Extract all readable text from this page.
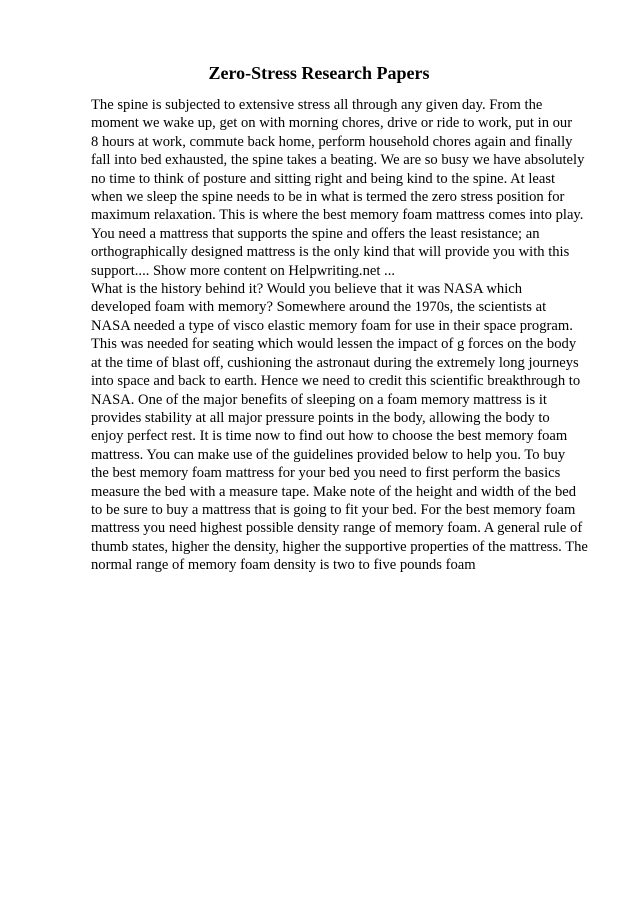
Zero-Stress Research Papers
The spine is subjected to extensive stress all through any given day. From the
moment we wake up, get on with morning chores, drive or ride to work, put in our
8 hours at work, commute back home, perform household chores again and finally
fall into bed exhausted, the spine takes a beating. We are so busy we have absolutely
no time to think of posture and sitting right and being kind to the spine. At least
when we sleep the spine needs to be in what is termed the zero stress position for
maximum relaxation. This is where the best memory foam mattress comes into play.
You need a mattress that supports the spine and offers the least resistance; an
orthographically designed mattress is the only kind that will provide you with this
support.... Show more content on Helpwriting.net ...
What is the history behind it? Would you believe that it was NASA which
developed foam with memory? Somewhere around the 1970s, the scientists at
NASA needed a type of visco elastic memory foam for use in their space program.
This was needed for seating which would lessen the impact of g forces on the body
at the time of blast off, cushioning the astronaut during the extremely long journeys
into space and back to earth. Hence we need to credit this scientific breakthrough to
NASA. One of the major benefits of sleeping on a foam memory mattress is it
provides stability at all major pressure points in the body, allowing the body to
enjoy perfect rest. It is time now to find out how to choose the best memory foam
mattress. You can make use of the guidelines provided below to help you. To buy
the best memory foam mattress for your bed you need to first perform the basics
measure the bed with a measure tape. Make note of the height and width of the bed
to be sure to buy a mattress that is going to fit your bed. For the best memory foam
mattress you need highest possible density range of memory foam. A general rule of
thumb states, higher the density, higher the supportive properties of the mattress. The
normal range of memory foam density is two to five pounds foam
